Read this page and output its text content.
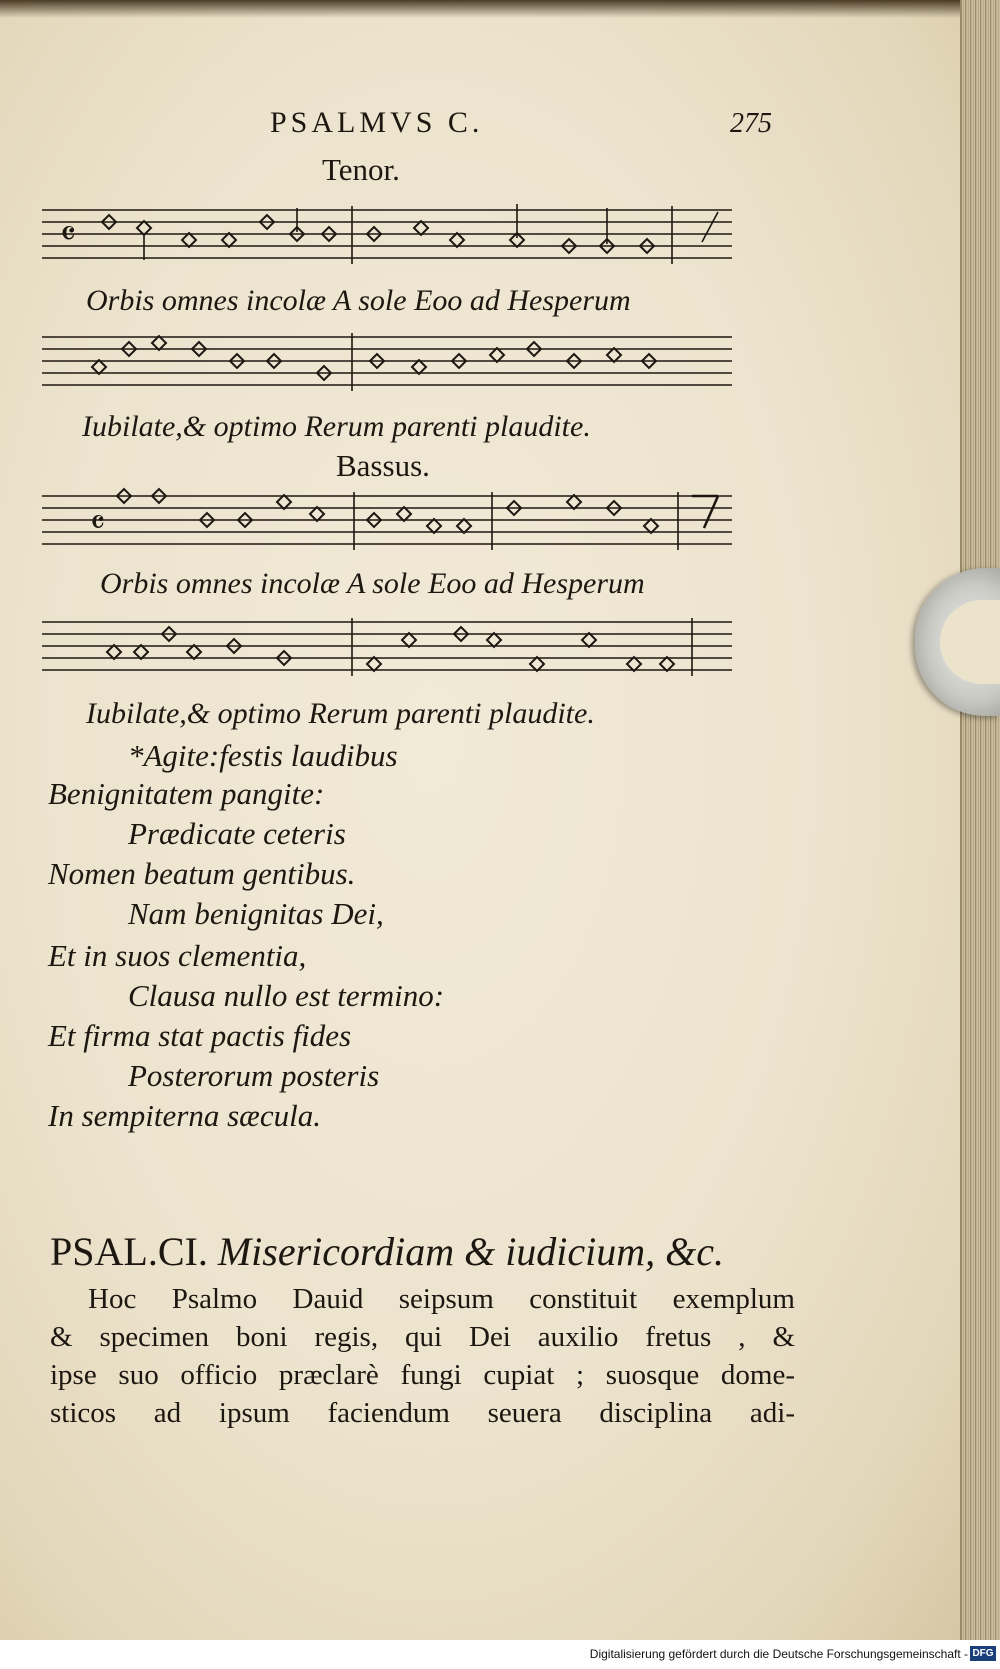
PSALMVS C.	275
Tenor.
𝄴
Orbis omnes incolæ A sole Eoo ad Hesperum
Iubilate,& optimo Rerum parenti plaudite.
Bassus.
𝄴
Orbis omnes incolæ A sole Eoo ad Hesperum
Iubilate,& optimo Rerum parenti plaudite.
*Agite:festis laudibus
Benignitatem pangite:
Prædicate ceteris
Nomen beatum gentibus.
Nam benignitas Dei,
Et in suos clementia,
Clausa nullo est termino:
Et firma stat pactis fides
Posterorum posteris
In sempiterna sæcula.
PSAL.CI. Misericordiam & iudicium, &c.
Hoc Psalmo Dauid seipsum constituit exemplum
& specimen boni regis, qui Dei auxilio fretus , &
ipse suo officio præclarè fungi cupiat ; suosque dome-
sticos ad ipsum faciendum seuera disciplina adi-
Digitalisierung gefördert durch die Deutsche Forschungsgemeinschaft - DFG
